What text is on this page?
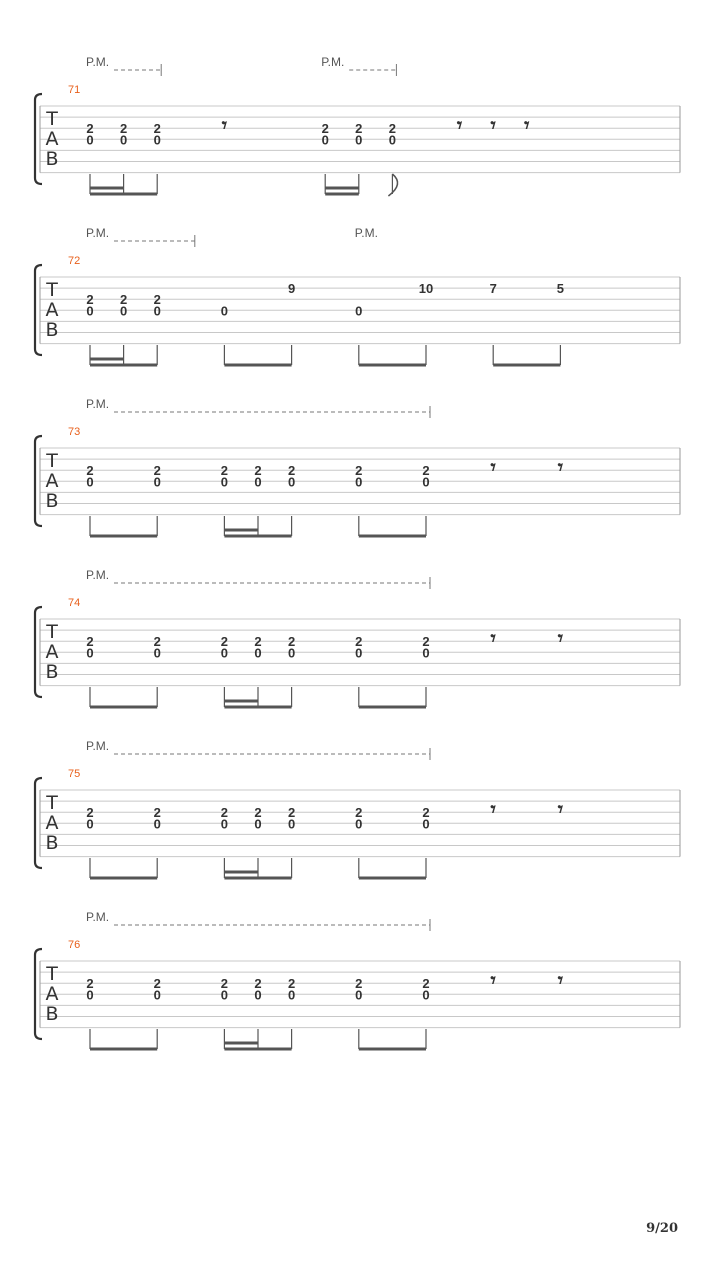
T
A
B
71
P.M.	P.M.
2
0
2
0
2
0
𝄾	2
0
2
0
2
0
𝄾 𝄾 𝄾
T
A
B
72
P.M.	P.M.
2
0
2
0
2
0	0
9
0
10	7	5
T
A
B
73
P.M.
2
0
2
0
2
0
2
0
2
0
2
0
2
0
𝄾	𝄾
T
A
B
74
P.M.
2
0
2
0
2
0
2
0
2
0
2
0
2
0
𝄾	𝄾
T
A
B
75
P.M.
2
0
2
0
2
0
2
0
2
0
2
0
2
0
𝄾	𝄾
T
A
B
76
P.M.
2
0
2
0
2
0
2
0
2
0
2
0
2
0
𝄾	𝄾
9/20
